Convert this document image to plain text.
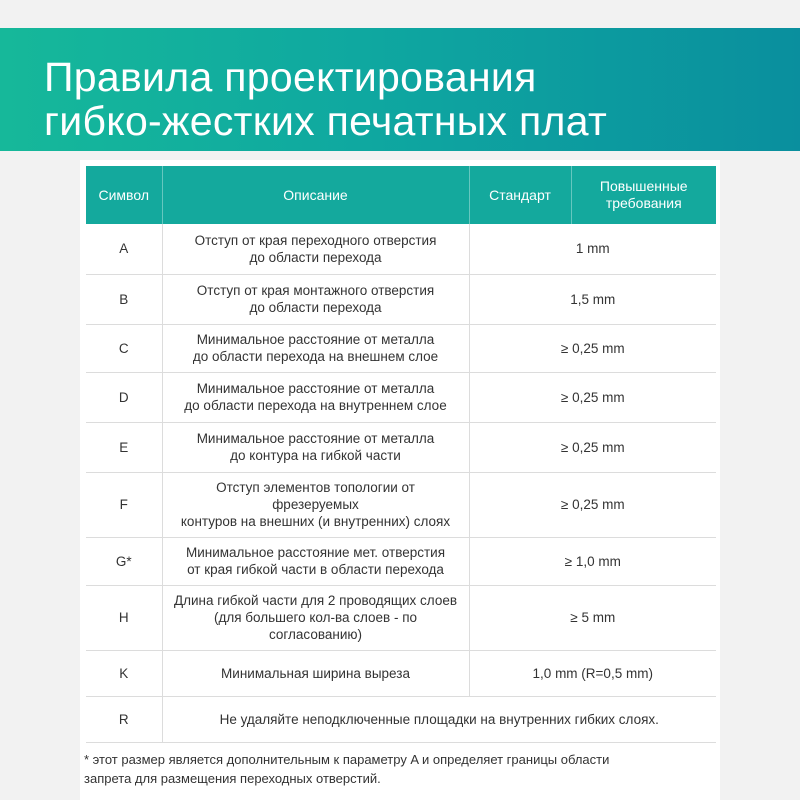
Правила проектирования
гибко-жестких печатных плат
Символ	Описание	Стандарт	Повышенные
требования

A	Отступ от края переходного отверстия
до области перехода	1 mm	
B	Отступ от края монтажного отверстия
до области перехода	1,5 mm	
C	Минимальное расстояние от металла
до области перехода на внешнем слое	≥ 0,25 mm	
D	Минимальное расстояние от металла
до области перехода на внутреннем слое	≥ 0,25 mm	
E	Минимальное расстояние от металла
до контура на гибкой части	≥ 0,25 mm	
F	Отступ элементов топологии от
фрезеруемых
контуров на внешних (и внутренних) слоях	≥ 0,25 mm	
G*	Минимальное расстояние мет. отверстия
от края гибкой части в области перехода	≥ 1,0 mm	
H	Длина гибкой части для 2 проводящих слоев
(для большего кол-ва слоев - по
согласованию)	≥ 5 mm	
K	Минимальная ширина выреза	1,0 mm (R=0,5 mm)	
R	Не удаляйте неподключенные площадки на внутренних гибких слоях.		
* этот размер является дополнительным к параметру A и определяет границы области
запрета для размещения переходных отверстий.
